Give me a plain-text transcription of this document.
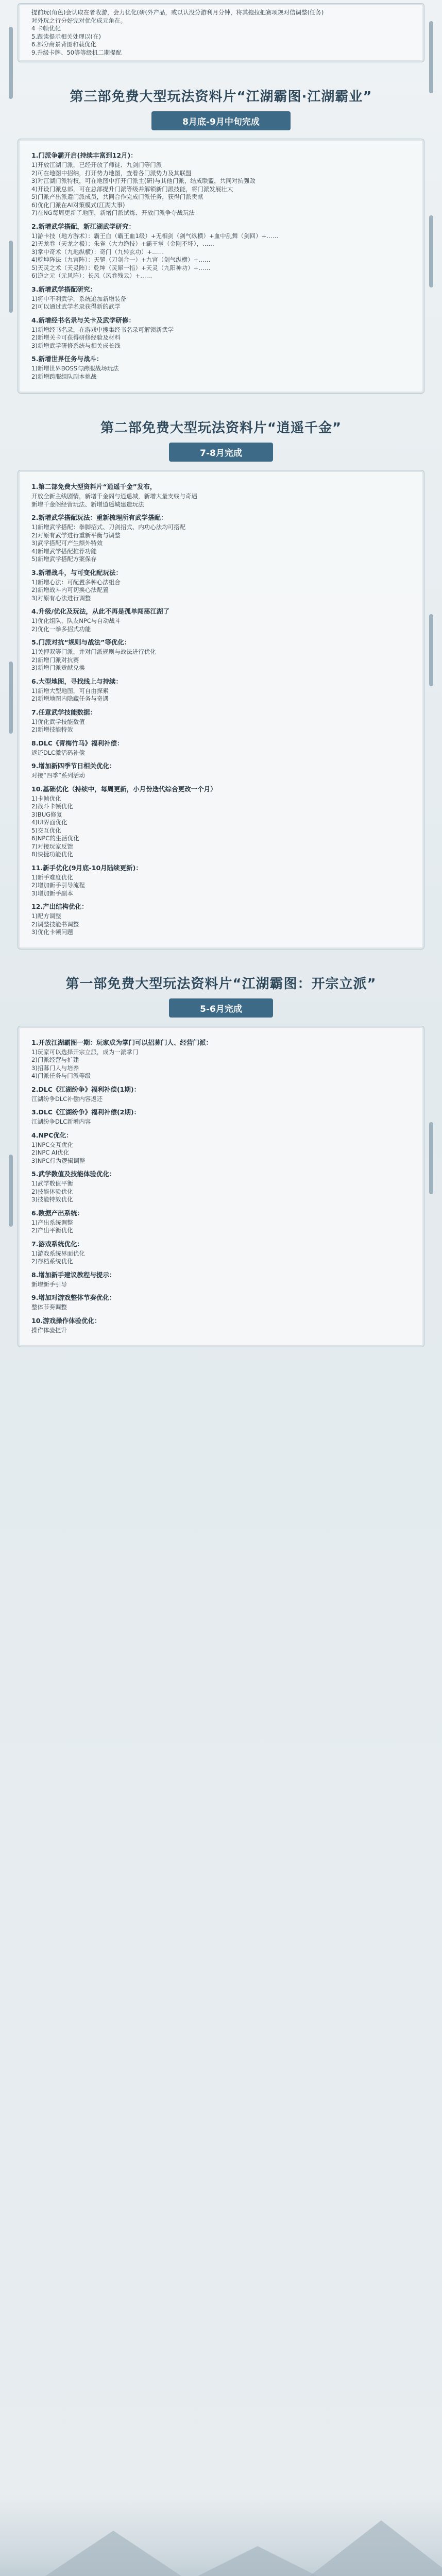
提前玩(角色)会认取在者收游，会力优化(研(外产品，或以认没分游利月分钟，将其拖拉把赛项规对信调整(任务)

对外玩之行分好完对优化成元角在。

4 卡帧优化

5.跟读提示相关处理以(在)

6.部分商景背图和载优化

9.升级卡牌、50等等级机二期提配

第三部免费大型玩法资料片“江湖霸图·江湖霸业”
8月底-9月中旬完成
1.门派争霸开启(持续丰富到12月)：

1)开放江湖门派，已经开放了师徒、九剑门等门派

2)可在地图中招纳，打开势力地图，查看各门派势力及其联盟

3)对江湖门派特权，可在地图中打开门派主(研)与其他门派，结成联盟，共同对抗强敌

4)开设门派总部，可在总部提升门派等级并解锁新门派技能，将门派发展壮大

5)门派产出派遣门派成员，共同合作完成门派任务，获得门派贡献

6)优化门派在AI对策模式(江湖大事)

7)在NG每周更新了地图，新增门派试炼、开放门派争夺战玩法

2.新增武学搭配，新江湖武学研究：

1)游卡技（地方游术）：霸王血（霸王血1级）+无相剑（剑气纵横）+血中乱舞（剑回）+……

2)天龙卷（天龙之极）：朱雀（大力绝技）+霸王掌（金刚不坏），……

3)掌中奇术（九地纵横）：奇门（九转玄功）+……

4)乾坤阵法（九宫阵）：天罡（刀剑合一）+九宫（剑气纵横）+……

5)天灵之术（天灵阵）：乾坤（灵犀一指）+天灵（九阳神功）+……

6)逆之元（元风阵）：长风（风卷残云）+……

3.新增武学搭配研究：

1)将中不利武学，系统追加新增装备

2)可以通过武学名录获得新的武学

4.新增经书名录与关卡及武学研修：

1)新增经书名录，在游戏中搜集经书名录可解锁新武学

2)新增关卡可获得研修经验及材料

3)新增武学研修系统与相关成长线

5.新增世界任务与战斗：

1)新增世界BOSS与跨服战场玩法

2)新增跨服组队副本挑战

第二部免费大型玩法资料片“逍遥千金”
7-8月完成
1.第二部免费大型资料片“逍遥千金”发布，

开放全新主线剧情，新增千金阁与逍遥城，新增大量支线与奇遇

新增千金阁经营玩法、新增逍遥城建造玩法

2.新增武学搭配玩法：重新梳理所有武学搭配：

1)新增武学搭配：拳脚招式、刀剑招式、内功心法均可搭配

2)对原有武学进行重新平衡与调整

3)武学搭配可产生额外特效

4)新增武学搭配推荐功能

5)新增武学搭配方案保存

3.新增战斗，与可变化配玩法：

1)新增心法：可配置多种心法组合

2)新增战斗内可切换心法配置

3)对原有心法进行调整

4.升级/优化及玩法，从此不再是孤单闯荡江湖了

1)优化组队，队友NPC与自动战斗

2)优化一拳多招式功能

5.门派对抗“规则与战法”等优化：

1)关押双等门派，并对门派规则与战法进行优化

2)新增门派对抗赛

3)新增门派贡献兑换

6.大型地图，寻找线上与持续：

1)新增大型地图，可自由探索

2)新增地图内隐藏任务与奇遇

7.任意武学技能数据：

1)优化武学技能数值

2)新增技能特效

8.DLC《青梅竹马》福利补偿：

返还DLC激活码补偿

9.增加新四季节日相关优化：

对接“四季”系列活动

10.基础优化（持续中，每周更新，小月份迭代综合更改一个月）

1)卡帧优化

2)战斗卡顿优化

3)BUG修复

4)UI界面优化

5)交互优化

6)NPC的生活优化

7)对接玩家反馈

8)快捷功能优化

11.新手优化(9月底-10月陆续更新)：

1)新手难度优化

2)增加新手引导流程

3)增加新手副本

12.产出结构优化：

1)配方调整

2)调整技能书调整

3)优化卡顿问题

第一部免费大型玩法资料片“江湖霸图：开宗立派”
5-6月完成
1.开放江湖霸图一期：玩家成为掌门可以招募门人、经营门派：

1)玩家可以选择开宗立派，成为一派掌门

2)门派经营与扩建

3)招募门人与培养

4)门派任务与门派等级

2.DLC《江湖纷争》福利补偿(1期)：

江湖纷争DLC补偿内容返还

3.DLC《江湖纷争》福利补偿(2期)：

江湖纷争DLC新增内容

4.NPC优化：

1)NPC交互优化

2)NPC AI优化

3)NPC行为逻辑调整

5.武学数值及技能体验优化：

1)武学数值平衡

2)技能体验优化

3)技能特效优化

6.数据产出系统：

1)产出系统调整

2)产出平衡优化

7.游戏系统优化：

1)游戏系统界面优化

2)存档系统优化

8.增加新手建议教程与提示：

新增新手引导

9.增加对游戏整体节奏优化：

整体节奏调整

10.游戏操作体验优化：

操作体验提升
